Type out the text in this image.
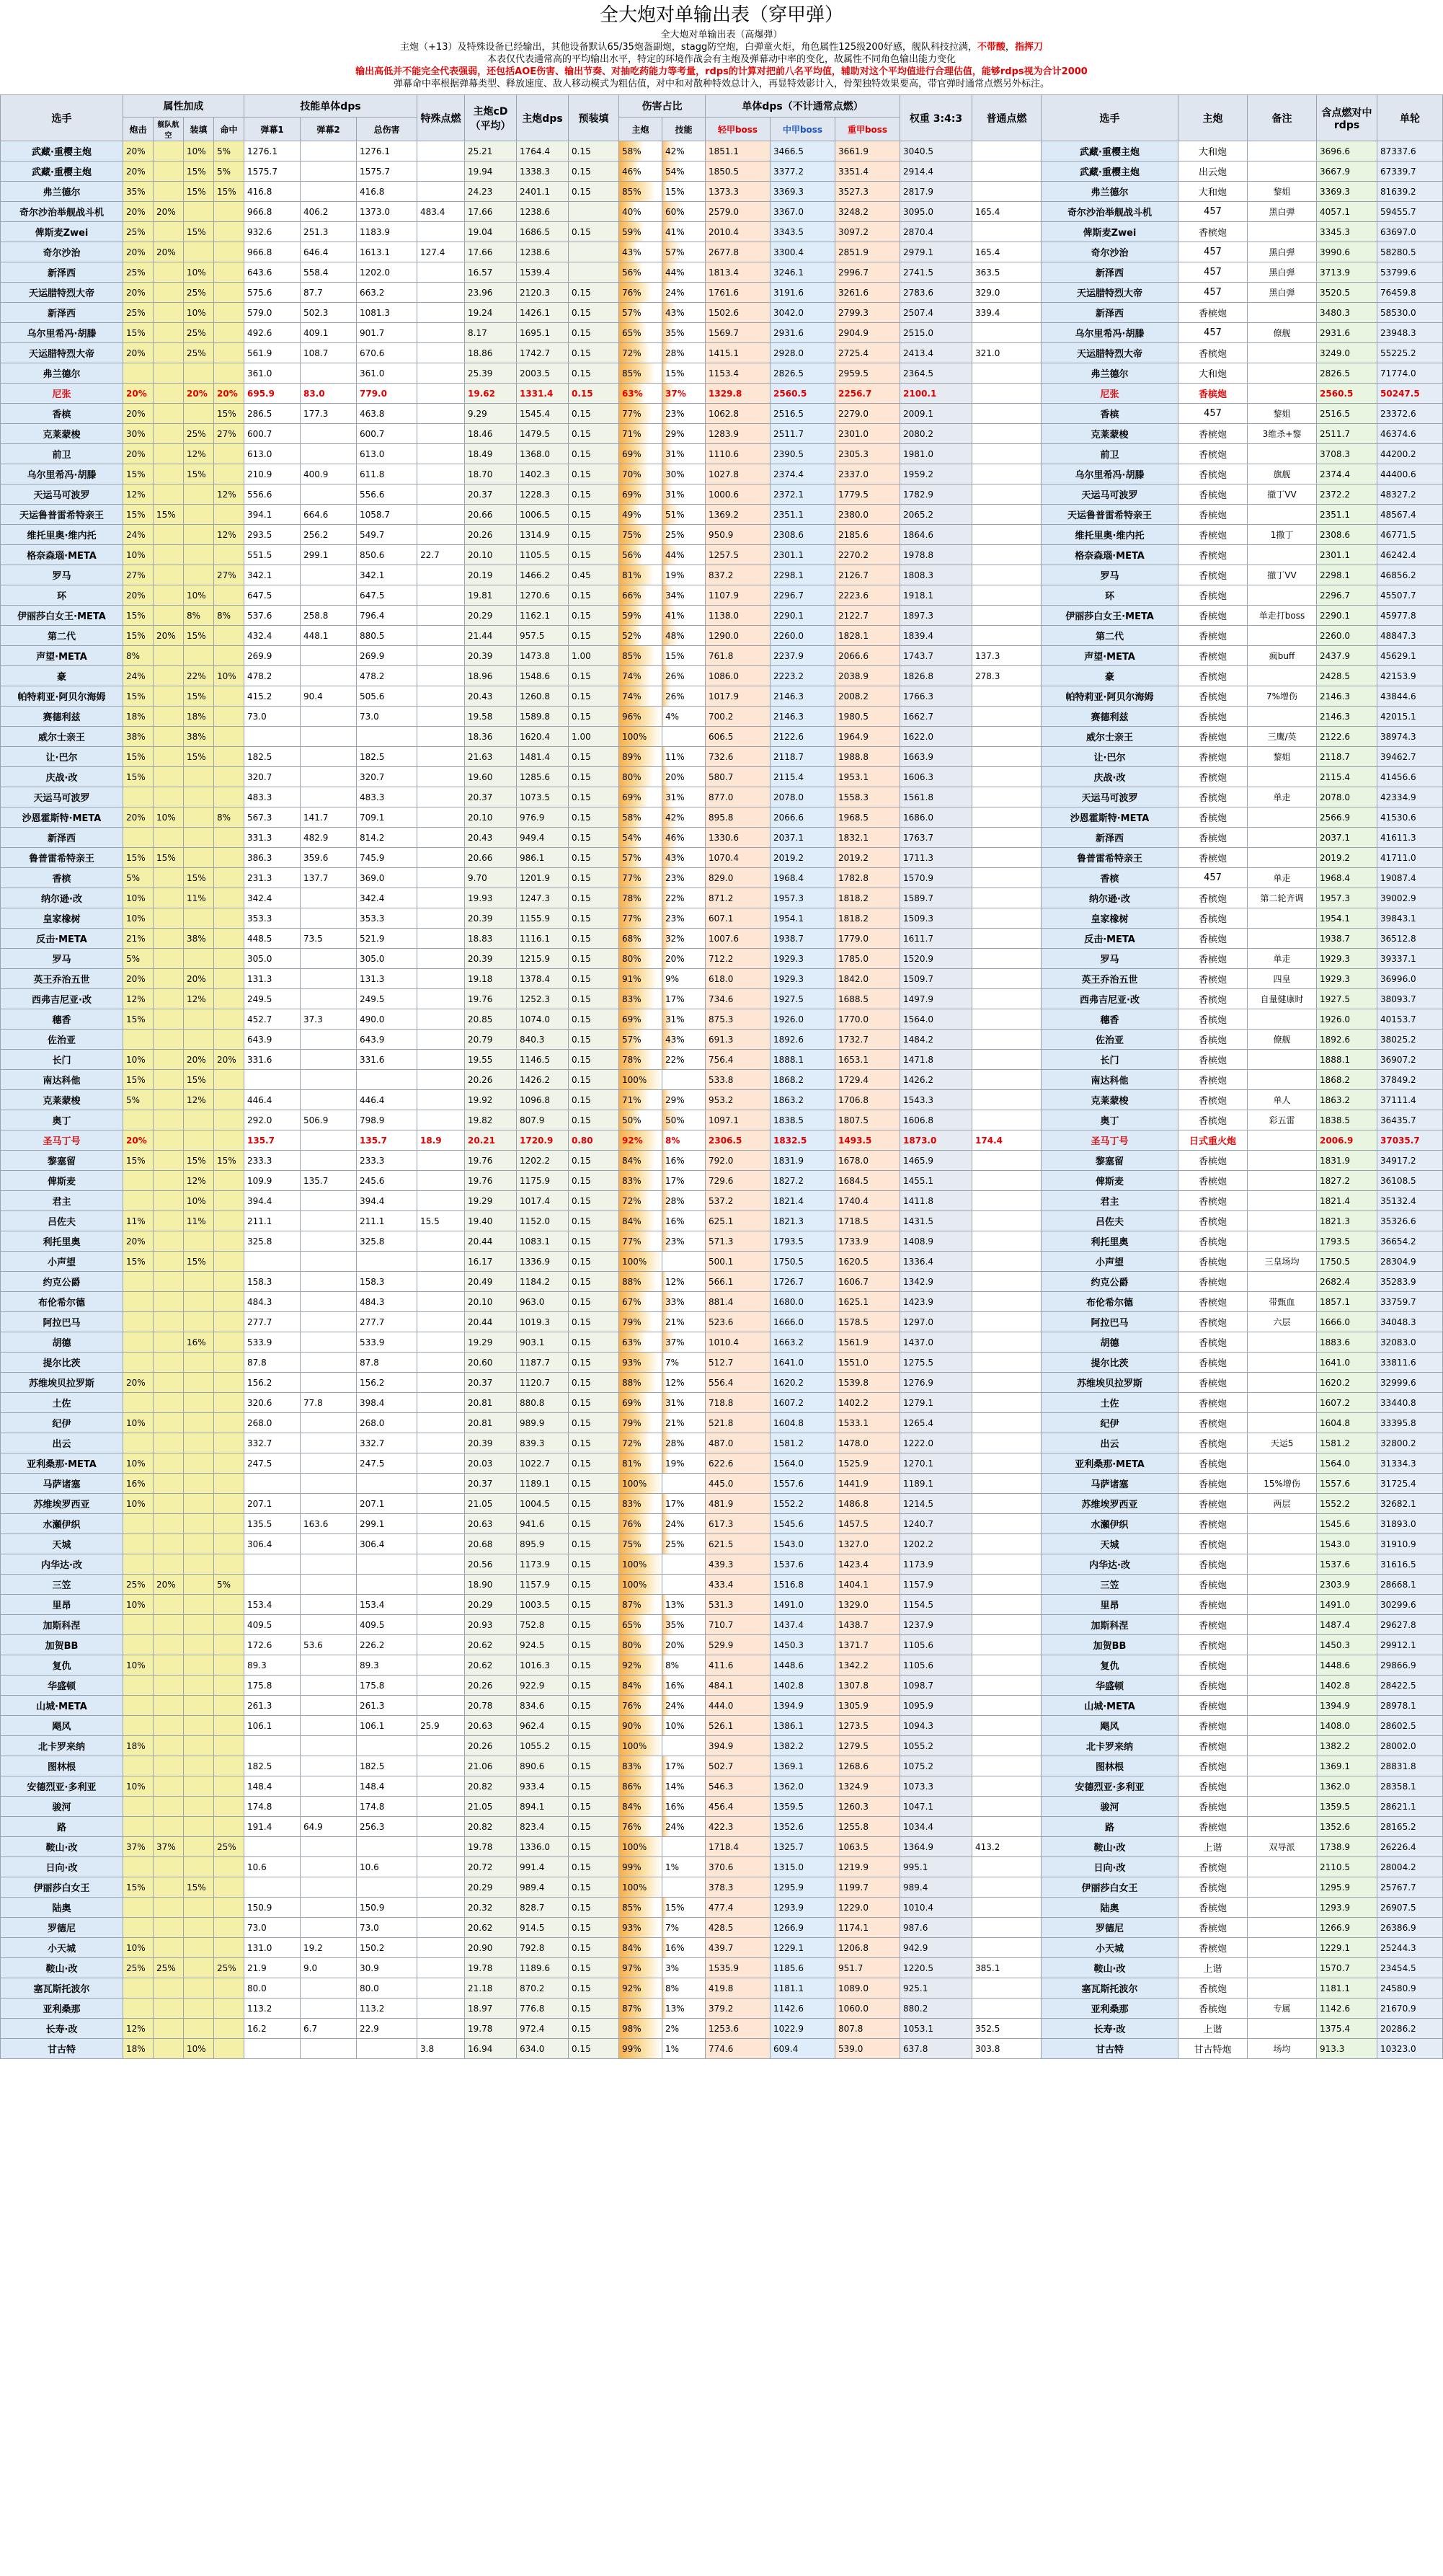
全大炮对单输出表（穿甲弹）
全大炮对单输出表（高爆弹）
主炮（+13）及特殊设备已经输出，其他设备默认65/35炮盔副炮，stagg防空炮，白弹童火炬，角色属性125级200好感，舰队科技拉满，不带酸，指挥刀
本表仅代表通常高的平均输出水平，特定的环境作战会有主炮及弹幕动中率的变化，故属性不同角色输出能力变化
输出高低并不能完全代表强弱，还包括AOE伤害、输出节奏、对抽吃药能力等考量，rdps的计算对把前八名平均值，辅助对这个平均值进行合理估值，能够rdps视为合计2000
弹幕命中率根据弹幕类型、释放速度、敌人移动模式为粗估值，对中和对散种特效总计入，再显特效影计入，骨架独特效果要高，带官弹时通常点燃另外标注。
选手	属性加成				技能单体dps			特殊点燃	主炮cD（平均）	主炮dps	预装填	伤害占比		单体dps（不计通常点燃）			权重 3:4:3	普通点燃	选手	主炮	备注	含点燃对中rdps	单轮
	炮击	舰队航空	装填	命中	弹幕1	弹幕2	总伤害					主炮	技能	轻甲boss	中甲boss	重甲boss							
武藏·重樱主炮	20%		10%	5%	1276.1		1276.1		25.21	1764.4	0.15	58%	42%	1851.1	3466.5	3661.9	3040.5		武藏·重樱主炮	大和炮		3696.6	87337.6
武藏·重樱主炮	20%		15%	5%	1575.7		1575.7		19.94	1338.3	0.15	46%	54%	1850.5	3377.2	3351.4	2914.4		武藏·重樱主炮	出云炮		3667.9	67339.7
弗兰德尔	35%		15%	15%	416.8		416.8		24.23	2401.1	0.15	85%	15%	1373.3	3369.3	3527.3	2817.9		弗兰德尔	大和炮	黎姐	3369.3	81639.2
奇尔沙治举舰战斗机	20%	20%			966.8	406.2	1373.0	483.4	17.66	1238.6		40%	60%	2579.0	3367.0	3248.2	3095.0	165.4	奇尔沙治举舰战斗机	457	黑白弹	4057.1	59455.7
俾斯麦Zwei	25%		15%		932.6	251.3	1183.9		19.04	1686.5	0.15	59%	41%	2010.4	3343.5	3097.2	2870.4		俾斯麦Zwei	香槟炮		3345.3	63697.0
奇尔沙治	20%	20%			966.8	646.4	1613.1	127.4	17.66	1238.6		43%	57%	2677.8	3300.4	2851.9	2979.1	165.4	奇尔沙治	457	黑白弹	3990.6	58280.5
新泽西	25%		10%		643.6	558.4	1202.0		16.57	1539.4		56%	44%	1813.4	3246.1	2996.7	2741.5	363.5	新泽西	457	黑白弹	3713.9	53799.6
天运腊特烈大帝	20%		25%		575.6	87.7	663.2		23.96	2120.3	0.15	76%	24%	1761.6	3191.6	3261.6	2783.6	329.0	天运腊特烈大帝	457	黑白弹	3520.5	76459.8
新泽西	25%		10%		579.0	502.3	1081.3		19.24	1426.1	0.15	57%	43%	1502.6	3042.0	2799.3	2507.4	339.4	新泽西	香槟炮		3480.3	58530.0
乌尔里希冯·胡滕	15%		25%		492.6	409.1	901.7		8.17	1695.1	0.15	65%	35%	1569.7	2931.6	2904.9	2515.0		乌尔里希冯·胡滕	457	僚舰	2931.6	23948.3
天运腊特烈大帝	20%		25%		561.9	108.7	670.6		18.86	1742.7	0.15	72%	28%	1415.1	2928.0	2725.4	2413.4	321.0	天运腊特烈大帝	香槟炮		3249.0	55225.2
弗兰德尔					361.0		361.0		25.39	2003.5	0.15	85%	15%	1153.4	2826.5	2959.5	2364.5		弗兰德尔	大和炮		2826.5	71774.0
尼张	20%		20%	20%	695.9	83.0	779.0		19.62	1331.4	0.15	63%	37%	1329.8	2560.5	2256.7	2100.1		尼张	香槟炮		2560.5	50247.5
香槟	20%			15%	286.5	177.3	463.8		9.29	1545.4	0.15	77%	23%	1062.8	2516.5	2279.0	2009.1		香槟	457	黎姐	2516.5	23372.6
克莱蒙梭	30%		25%	27%	600.7		600.7		18.46	1479.5	0.15	71%	29%	1283.9	2511.7	2301.0	2080.2		克莱蒙梭	香槟炮	3维杀+黎	2511.7	46374.6
前卫	20%		12%		613.0		613.0		18.49	1368.0	0.15	69%	31%	1110.6	2390.5	2305.3	1981.0		前卫	香槟炮		3708.3	44200.2
乌尔里希冯·胡滕	15%		15%		210.9	400.9	611.8		18.70	1402.3	0.15	70%	30%	1027.8	2374.4	2337.0	1959.2		乌尔里希冯·胡滕	香槟炮	旗舰	2374.4	44400.6
天运马可波罗	12%			12%	556.6		556.6		20.37	1228.3	0.15	69%	31%	1000.6	2372.1	1779.5	1782.9		天运马可波罗	香槟炮	撤丁VV	2372.2	48327.2
天运鲁普雷希特亲王	15%	15%			394.1	664.6	1058.7		20.66	1006.5	0.15	49%	51%	1369.2	2351.1	2380.0	2065.2		天运鲁普雷希特亲王	香槟炮		2351.1	48567.4
维托里奥·维内托	24%			12%	293.5	256.2	549.7		20.26	1314.9	0.15	75%	25%	950.9	2308.6	2185.6	1864.6		维托里奥·维内托	香槟炮	1撒丁	2308.6	46771.5
格奈森瑙·META	10%				551.5	299.1	850.6	22.7	20.10	1105.5	0.15	56%	44%	1257.5	2301.1	2270.2	1978.8		格奈森瑙·META	香槟炮		2301.1	46242.4
罗马	27%			27%	342.1		342.1		20.19	1466.2	0.45	81%	19%	837.2	2298.1	2126.7	1808.3		罗马	香槟炮	撤丁VV	2298.1	46856.2
环	20%		10%		647.5		647.5		19.81	1270.6	0.15	66%	34%	1107.9	2296.7	2223.6	1918.1		环	香槟炮		2296.7	45507.7
伊丽莎白女王·META	15%		8%	8%	537.6	258.8	796.4		20.29	1162.1	0.15	59%	41%	1138.0	2290.1	2122.7	1897.3		伊丽莎白女王·META	香槟炮	单走打boss	2290.1	45977.8
第二代	15%	20%	15%		432.4	448.1	880.5		21.44	957.5	0.15	52%	48%	1290.0	2260.0	1828.1	1839.4		第二代	香槟炮		2260.0	48847.3
声望·META	8%				269.9		269.9		20.39	1473.8	1.00	85%	15%	761.8	2237.9	2066.6	1743.7	137.3	声望·META	香槟炮	疯buff	2437.9	45629.1
豪	24%		22%	10%	478.2		478.2		18.96	1548.6	0.15	74%	26%	1086.0	2223.2	2038.9	1826.8	278.3	豪	香槟炮		2428.5	42153.9
帕特莉亚·阿贝尔海姆	15%		15%		415.2	90.4	505.6		20.43	1260.8	0.15	74%	26%	1017.9	2146.3	2008.2	1766.3		帕特莉亚·阿贝尔海姆	香槟炮	7%增伤	2146.3	43844.6
赛德利兹	18%		18%		73.0		73.0		19.58	1589.8	0.15	96%	4%	700.2	2146.3	1980.5	1662.7		赛德利兹	香槟炮		2146.3	42015.1
威尔士亲王	38%		38%						18.36	1620.4	1.00	100%		606.5	2122.6	1964.9	1622.0		威尔士亲王	香槟炮	三鹰/英	2122.6	38974.3
让·巴尔	15%		15%		182.5		182.5		21.63	1481.4	0.15	89%	11%	732.6	2118.7	1988.8	1663.9		让·巴尔	香槟炮	黎姐	2118.7	39462.7
庆战·改	15%				320.7		320.7		19.60	1285.6	0.15	80%	20%	580.7	2115.4	1953.1	1606.3		庆战·改	香槟炮		2115.4	41456.6
天运马可波罗					483.3		483.3		20.37	1073.5	0.15	69%	31%	877.0	2078.0	1558.3	1561.8		天运马可波罗	香槟炮	单走	2078.0	42334.9
沙恩霍斯特·META	20%	10%		8%	567.3	141.7	709.1		20.10	976.9	0.15	58%	42%	895.8	2066.6	1968.5	1686.0		沙恩霍斯特·META	香槟炮		2566.9	41530.6
新泽西					331.3	482.9	814.2		20.43	949.4	0.15	54%	46%	1330.6	2037.1	1832.1	1763.7		新泽西	香槟炮		2037.1	41611.3
鲁普雷希特亲王	15%	15%			386.3	359.6	745.9		20.66	986.1	0.15	57%	43%	1070.4	2019.2	2019.2	1711.3		鲁普雷希特亲王	香槟炮		2019.2	41711.0
香槟	5%		15%		231.3	137.7	369.0		9.70	1201.9	0.15	77%	23%	829.0	1968.4	1782.8	1570.9		香槟	457	单走	1968.4	19087.4
纳尔逊·改	10%		11%		342.4		342.4		19.93	1247.3	0.15	78%	22%	871.2	1957.3	1818.2	1589.7		纳尔逊·改	香槟炮	第二轮齐调	1957.3	39002.9
皇家橡树	10%				353.3		353.3		20.39	1155.9	0.15	77%	23%	607.1	1954.1	1818.2	1509.3		皇家橡树	香槟炮		1954.1	39843.1
反击·META	21%		38%		448.5	73.5	521.9		18.83	1116.1	0.15	68%	32%	1007.6	1938.7	1779.0	1611.7		反击·META	香槟炮		1938.7	36512.8
罗马	5%				305.0		305.0		20.39	1215.9	0.15	80%	20%	712.2	1929.3	1785.0	1520.9		罗马	香槟炮	单走	1929.3	39337.1
英王乔治五世	20%		20%		131.3		131.3		19.18	1378.4	0.15	91%	9%	618.0	1929.3	1842.0	1509.7		英王乔治五世	香槟炮	四皇	1929.3	36996.0
西弗吉尼亚·改	12%		12%		249.5		249.5		19.76	1252.3	0.15	83%	17%	734.6	1927.5	1688.5	1497.9		西弗吉尼亚·改	香槟炮	自量健康时	1927.5	38093.7
穗香	15%				452.7	37.3	490.0		20.85	1074.0	0.15	69%	31%	875.3	1926.0	1770.0	1564.0		穗香	香槟炮		1926.0	40153.7
佐治亚					643.9		643.9		20.79	840.3	0.15	57%	43%	691.3	1892.6	1732.7	1484.2		佐治亚	香槟炮	僚舰	1892.6	38025.2
长门	10%		20%	20%	331.6		331.6		19.55	1146.5	0.15	78%	22%	756.4	1888.1	1653.1	1471.8		长门	香槟炮		1888.1	36907.2
南达科他	15%		15%						20.26	1426.2	0.15	100%		533.8	1868.2	1729.4	1426.2		南达科他	香槟炮		1868.2	37849.2
克莱蒙梭	5%		12%		446.4		446.4		19.92	1096.8	0.15	71%	29%	953.2	1863.2	1706.8	1543.3		克莱蒙梭	香槟炮	单人	1863.2	37111.4
奥丁					292.0	506.9	798.9		19.82	807.9	0.15	50%	50%	1097.1	1838.5	1807.5	1606.8		奥丁	香槟炮	彩五雷	1838.5	36435.7
圣马丁号	20%				135.7		135.7	18.9	20.21	1720.9	0.80	92%	8%	2306.5	1832.5	1493.5	1873.0	174.4	圣马丁号	日式重火炮		2006.9	37035.7
黎塞留	15%		15%	15%	233.3		233.3		19.76	1202.2	0.15	84%	16%	792.0	1831.9	1678.0	1465.9		黎塞留	香槟炮		1831.9	34917.2
俾斯麦			12%		109.9	135.7	245.6		19.76	1175.9	0.15	83%	17%	729.6	1827.2	1684.5	1455.1		俾斯麦	香槟炮		1827.2	36108.5
君主			10%		394.4		394.4		19.29	1017.4	0.15	72%	28%	537.2	1821.4	1740.4	1411.8		君主	香槟炮		1821.4	35132.4
吕佐夫	11%		11%		211.1		211.1	15.5	19.40	1152.0	0.15	84%	16%	625.1	1821.3	1718.5	1431.5		吕佐夫	香槟炮		1821.3	35326.6
利托里奥	20%				325.8		325.8		20.44	1083.1	0.15	77%	23%	571.3	1793.5	1733.9	1408.9		利托里奥	香槟炮		1793.5	36654.2
小声望	15%		15%						16.17	1336.9	0.15	100%		500.1	1750.5	1620.5	1336.4		小声望	香槟炮	三皇场均	1750.5	28304.9
约克公爵					158.3		158.3		20.49	1184.2	0.15	88%	12%	566.1	1726.7	1606.7	1342.9		约克公爵	香槟炮		2682.4	35283.9
布伦希尔德					484.3		484.3		20.10	963.0	0.15	67%	33%	881.4	1680.0	1625.1	1423.9		布伦希尔德	香槟炮	带甄血	1857.1	33759.7
阿拉巴马					277.7		277.7		20.44	1019.3	0.15	79%	21%	523.6	1666.0	1578.5	1297.0		阿拉巴马	香槟炮	六层	1666.0	34048.3
胡德			16%		533.9		533.9		19.29	903.1	0.15	63%	37%	1010.4	1663.2	1561.9	1437.0		胡德	香槟炮		1883.6	32083.0
提尔比茨					87.8		87.8		20.60	1187.7	0.15	93%	7%	512.7	1641.0	1551.0	1275.5		提尔比茨	香槟炮		1641.0	33811.6
苏维埃贝拉罗斯	20%				156.2		156.2		20.37	1120.7	0.15	88%	12%	556.4	1620.2	1539.8	1276.9		苏维埃贝拉罗斯	香槟炮		1620.2	32999.6
土佐					320.6	77.8	398.4		20.81	880.8	0.15	69%	31%	718.8	1607.2	1402.2	1279.1		土佐	香槟炮		1607.2	33440.8
纪伊	10%				268.0		268.0		20.81	989.9	0.15	79%	21%	521.8	1604.8	1533.1	1265.4		纪伊	香槟炮		1604.8	33395.8
出云					332.7		332.7		20.39	839.3	0.15	72%	28%	487.0	1581.2	1478.0	1222.0		出云	香槟炮	天运5	1581.2	32800.2
亚利桑那·META	10%				247.5		247.5		20.03	1022.7	0.15	81%	19%	622.6	1564.0	1525.9	1270.1		亚利桑那·META	香槟炮		1564.0	31334.3
马萨诸塞	16%								20.37	1189.1	0.15	100%		445.0	1557.6	1441.9	1189.1		马萨诸塞	香槟炮	15%增伤	1557.6	31725.4
苏维埃罗西亚	10%				207.1		207.1		21.05	1004.5	0.15	83%	17%	481.9	1552.2	1486.8	1214.5		苏维埃罗西亚	香槟炮	两层	1552.2	32682.1
水瀬伊织					135.5	163.6	299.1		20.63	941.6	0.15	76%	24%	617.3	1545.6	1457.5	1240.7		水瀬伊织	香槟炮		1545.6	31893.0
天城					306.4		306.4		20.68	895.9	0.15	75%	25%	621.5	1543.0	1327.0	1202.2		天城	香槟炮		1543.0	31910.9
内华达·改									20.56	1173.9	0.15	100%		439.3	1537.6	1423.4	1173.9		内华达·改	香槟炮		1537.6	31616.5
三笠	25%	20%		5%					18.90	1157.9	0.15	100%		433.4	1516.8	1404.1	1157.9		三笠	香槟炮		2303.9	28668.1
里昂	10%				153.4		153.4		20.29	1003.5	0.15	87%	13%	531.3	1491.0	1329.0	1154.5		里昂	香槟炮		1491.0	30299.6
加斯科涅					409.5		409.5		20.93	752.8	0.15	65%	35%	710.7	1437.4	1438.7	1237.9		加斯科涅	香槟炮		1487.4	29627.8
加贺BB					172.6	53.6	226.2		20.62	924.5	0.15	80%	20%	529.9	1450.3	1371.7	1105.6		加贺BB	香槟炮		1450.3	29912.1
复仇	10%				89.3		89.3		20.62	1016.3	0.15	92%	8%	411.6	1448.6	1342.2	1105.6		复仇	香槟炮		1448.6	29866.9
华盛顿					175.8		175.8		20.26	922.9	0.15	84%	16%	484.1	1402.8	1307.8	1098.7		华盛顿	香槟炮		1402.8	28422.5
山城·META					261.3		261.3		20.78	834.6	0.15	76%	24%	444.0	1394.9	1305.9	1095.9		山城·META	香槟炮		1394.9	28978.1
飓风					106.1		106.1	25.9	20.63	962.4	0.15	90%	10%	526.1	1386.1	1273.5	1094.3		飓风	香槟炮		1408.0	28602.5
北卡罗来纳	18%								20.26	1055.2	0.15	100%		394.9	1382.2	1279.5	1055.2		北卡罗来纳	香槟炮		1382.2	28002.0
图林根					182.5		182.5		21.06	890.6	0.15	83%	17%	502.7	1369.1	1268.6	1075.2		图林根	香槟炮		1369.1	28831.8
安德烈亚·多利亚	10%				148.4		148.4		20.82	933.4	0.15	86%	14%	546.3	1362.0	1324.9	1073.3		安德烈亚·多利亚	香槟炮		1362.0	28358.1
骏河					174.8		174.8		21.05	894.1	0.15	84%	16%	456.4	1359.5	1260.3	1047.1		骏河	香槟炮		1359.5	28621.1
路					191.4	64.9	256.3		20.82	823.4	0.15	76%	24%	422.3	1352.6	1255.8	1034.4		路	香槟炮		1352.6	28165.2
鞍山·改	37%	37%		25%					19.78	1336.0	0.15	100%		1718.4	1325.7	1063.5	1364.9	413.2	鞍山·改	上谐	双导派	1738.9	26226.4
日向·改					10.6		10.6		20.72	991.4	0.15	99%	1%	370.6	1315.0	1219.9	995.1		日向·改	香槟炮		2110.5	28004.2
伊丽莎白女王	15%		15%						20.29	989.4	0.15	100%		378.3	1295.9	1199.7	989.4		伊丽莎白女王	香槟炮		1295.9	25767.7
陆奥					150.9		150.9		20.32	828.7	0.15	85%	15%	477.4	1293.9	1229.0	1010.4		陆奥	香槟炮		1293.9	26907.5
罗德尼					73.0		73.0		20.62	914.5	0.15	93%	7%	428.5	1266.9	1174.1	987.6		罗德尼	香槟炮		1266.9	26386.9
小天城	10%				131.0	19.2	150.2		20.90	792.8	0.15	84%	16%	439.7	1229.1	1206.8	942.9		小天城	香槟炮		1229.1	25244.3
鞍山·改	25%	25%		25%	21.9	9.0	30.9		19.78	1189.6	0.15	97%	3%	1535.9	1185.6	951.7	1220.5	385.1	鞍山·改	上谐		1570.7	23454.5
塞瓦斯托波尔					80.0		80.0		21.18	870.2	0.15	92%	8%	419.8	1181.1	1089.0	925.1		塞瓦斯托波尔	香槟炮		1181.1	24580.9
亚利桑那					113.2		113.2		18.97	776.8	0.15	87%	13%	379.2	1142.6	1060.0	880.2		亚利桑那	香槟炮	专属	1142.6	21670.9
长寿·改	12%				16.2	6.7	22.9		19.78	972.4	0.15	98%	2%	1253.6	1022.9	807.8	1053.1	352.5	长寿·改	上谐		1375.4	20286.2
甘古特	18%		10%					3.8	16.94	634.0	0.15	99%	1%	774.6	609.4	539.0	637.8	303.8	甘古特	甘古特炮	场均	913.3	10323.0
